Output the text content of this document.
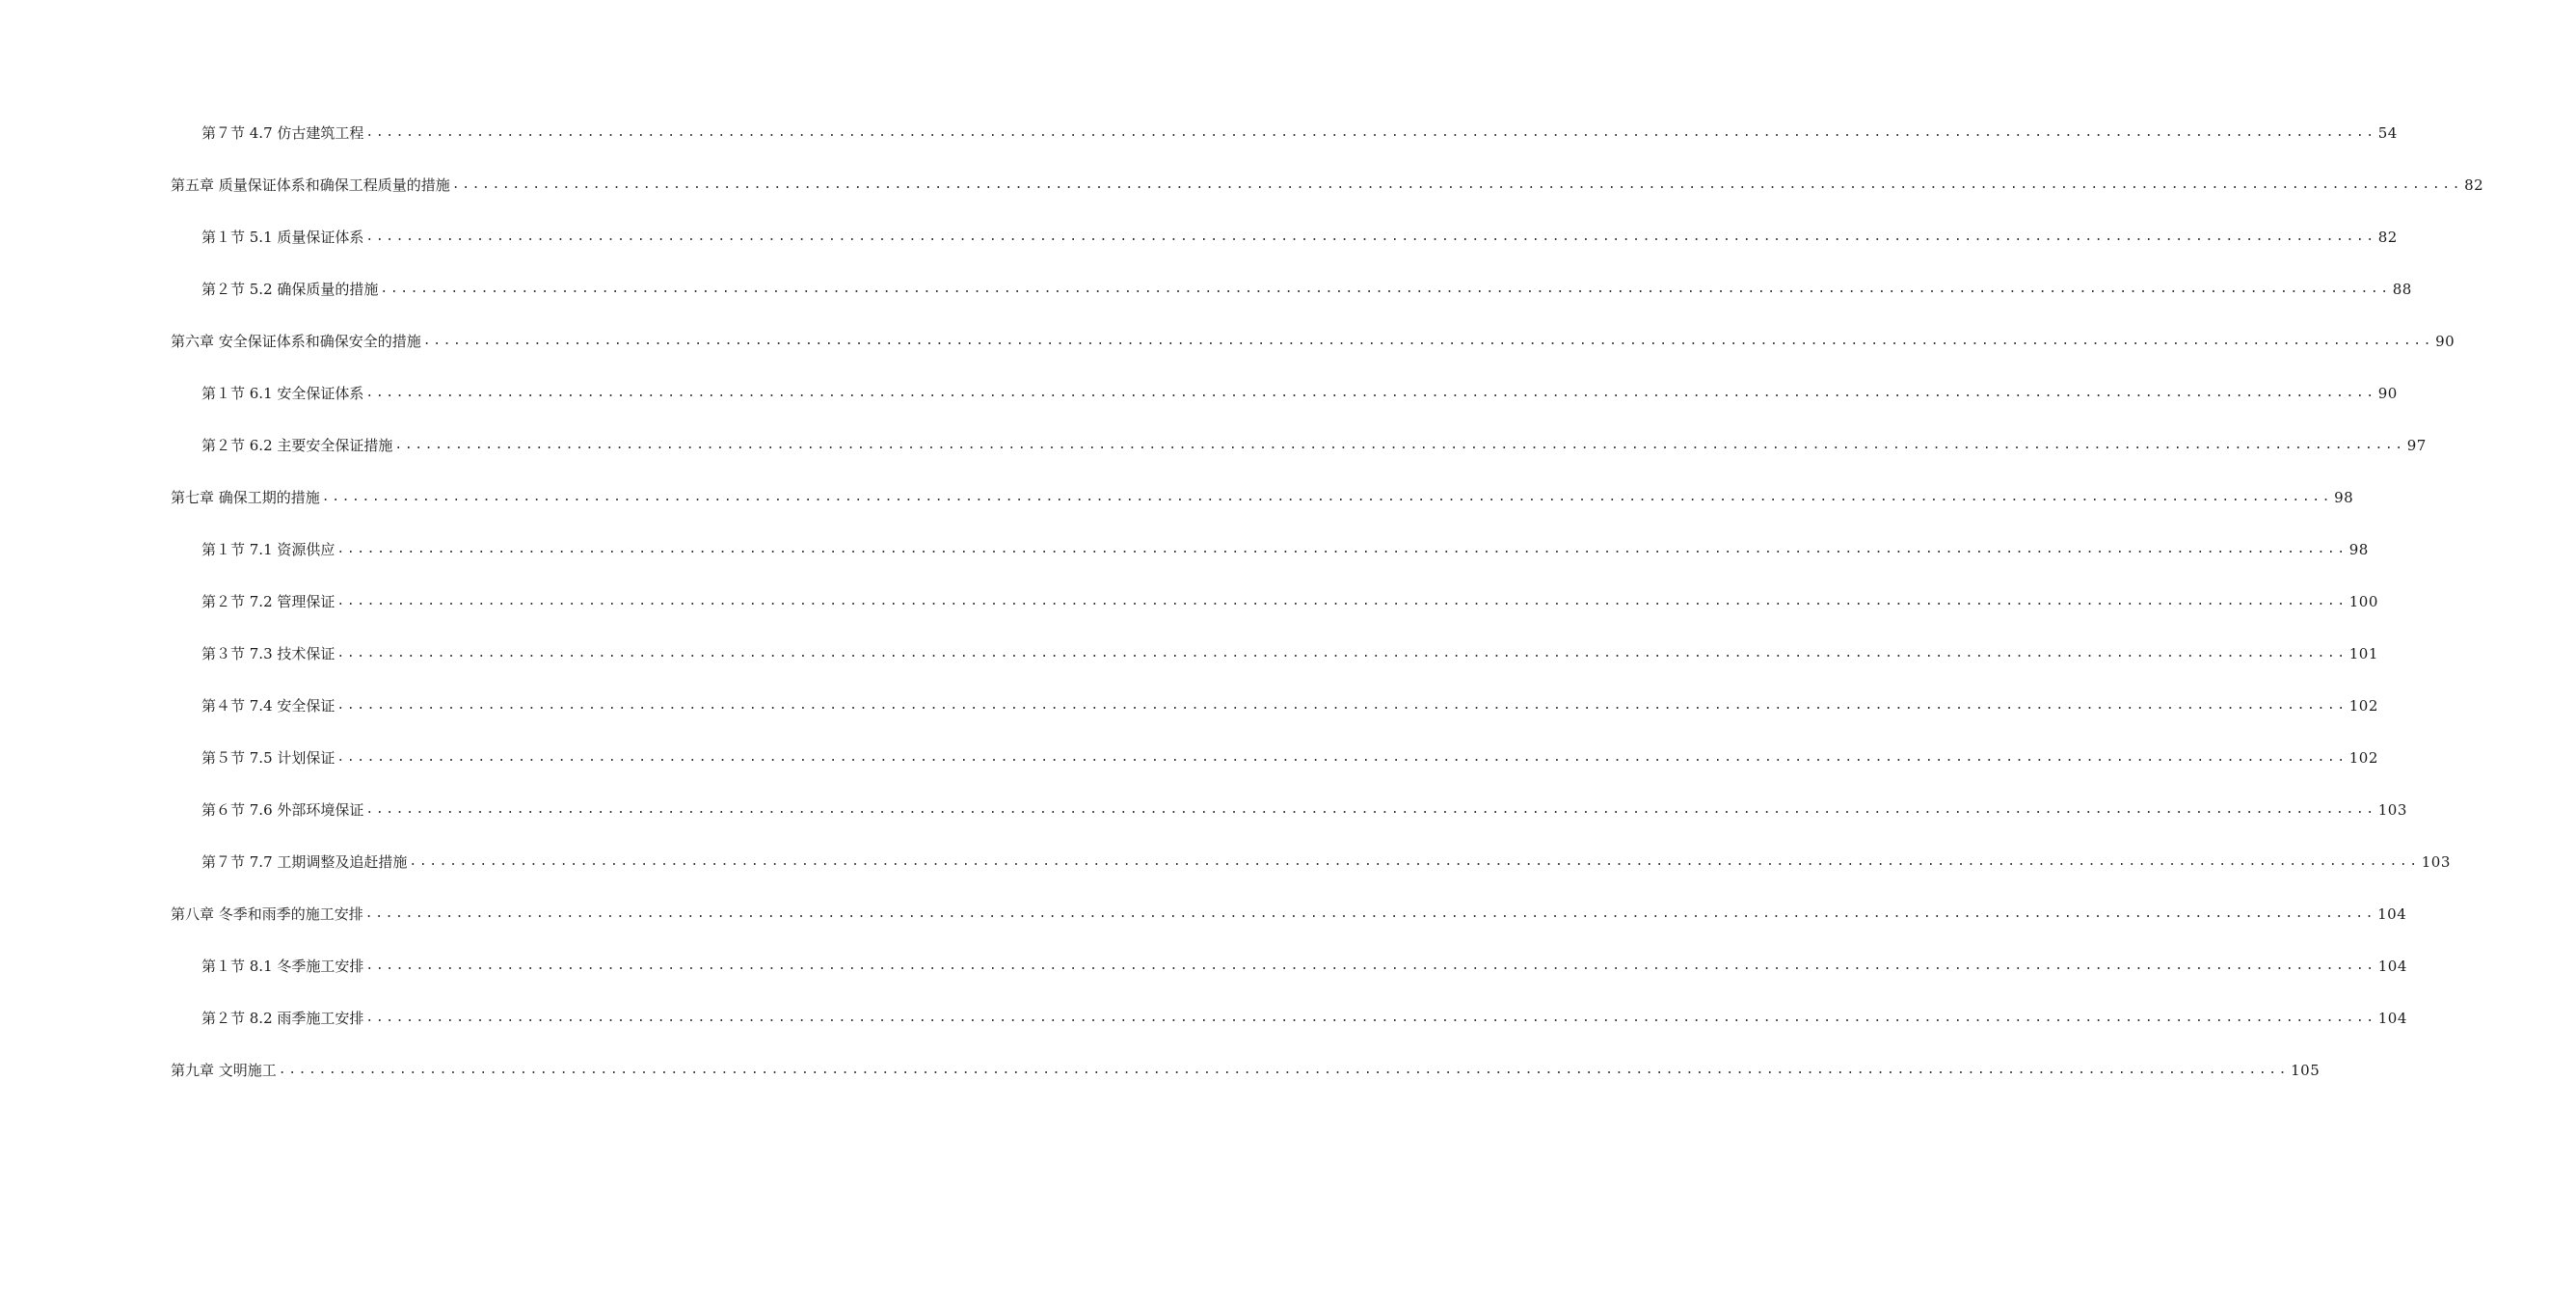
第７节 4.7 仿古建筑工程 ........................................................................................................................................................................................................ 54
第五章 质量保证体系和确保工程质量的措施 ........................................................................................................................................................................................................ 82
第１节 5.1 质量保证体系 ........................................................................................................................................................................................................ 82
第２节 5.2 确保质量的措施 ........................................................................................................................................................................................................ 88
第六章 安全保证体系和确保安全的措施 ........................................................................................................................................................................................................ 90
第１节 6.1 安全保证体系 ........................................................................................................................................................................................................ 90
第２节 6.2 主要安全保证措施 ........................................................................................................................................................................................................ 97
第七章 确保工期的措施 ........................................................................................................................................................................................................ 98
第１节 7.1 资源供应 ........................................................................................................................................................................................................ 98
第２节 7.2 管理保证 ........................................................................................................................................................................................................ 100
第３节 7.3 技术保证 ........................................................................................................................................................................................................ 101
第４节 7.4 安全保证 ........................................................................................................................................................................................................ 102
第５节 7.5 计划保证 ........................................................................................................................................................................................................ 102
第６节 7.6 外部环境保证 ........................................................................................................................................................................................................ 103
第７节 7.7 工期调整及追赶措施 ........................................................................................................................................................................................................ 103
第八章 冬季和雨季的施工安排 ........................................................................................................................................................................................................ 104
第１节 8.1 冬季施工安排 ........................................................................................................................................................................................................ 104
第２节 8.2 雨季施工安排 ........................................................................................................................................................................................................ 104
第九章 文明施工 ........................................................................................................................................................................................................ 105
